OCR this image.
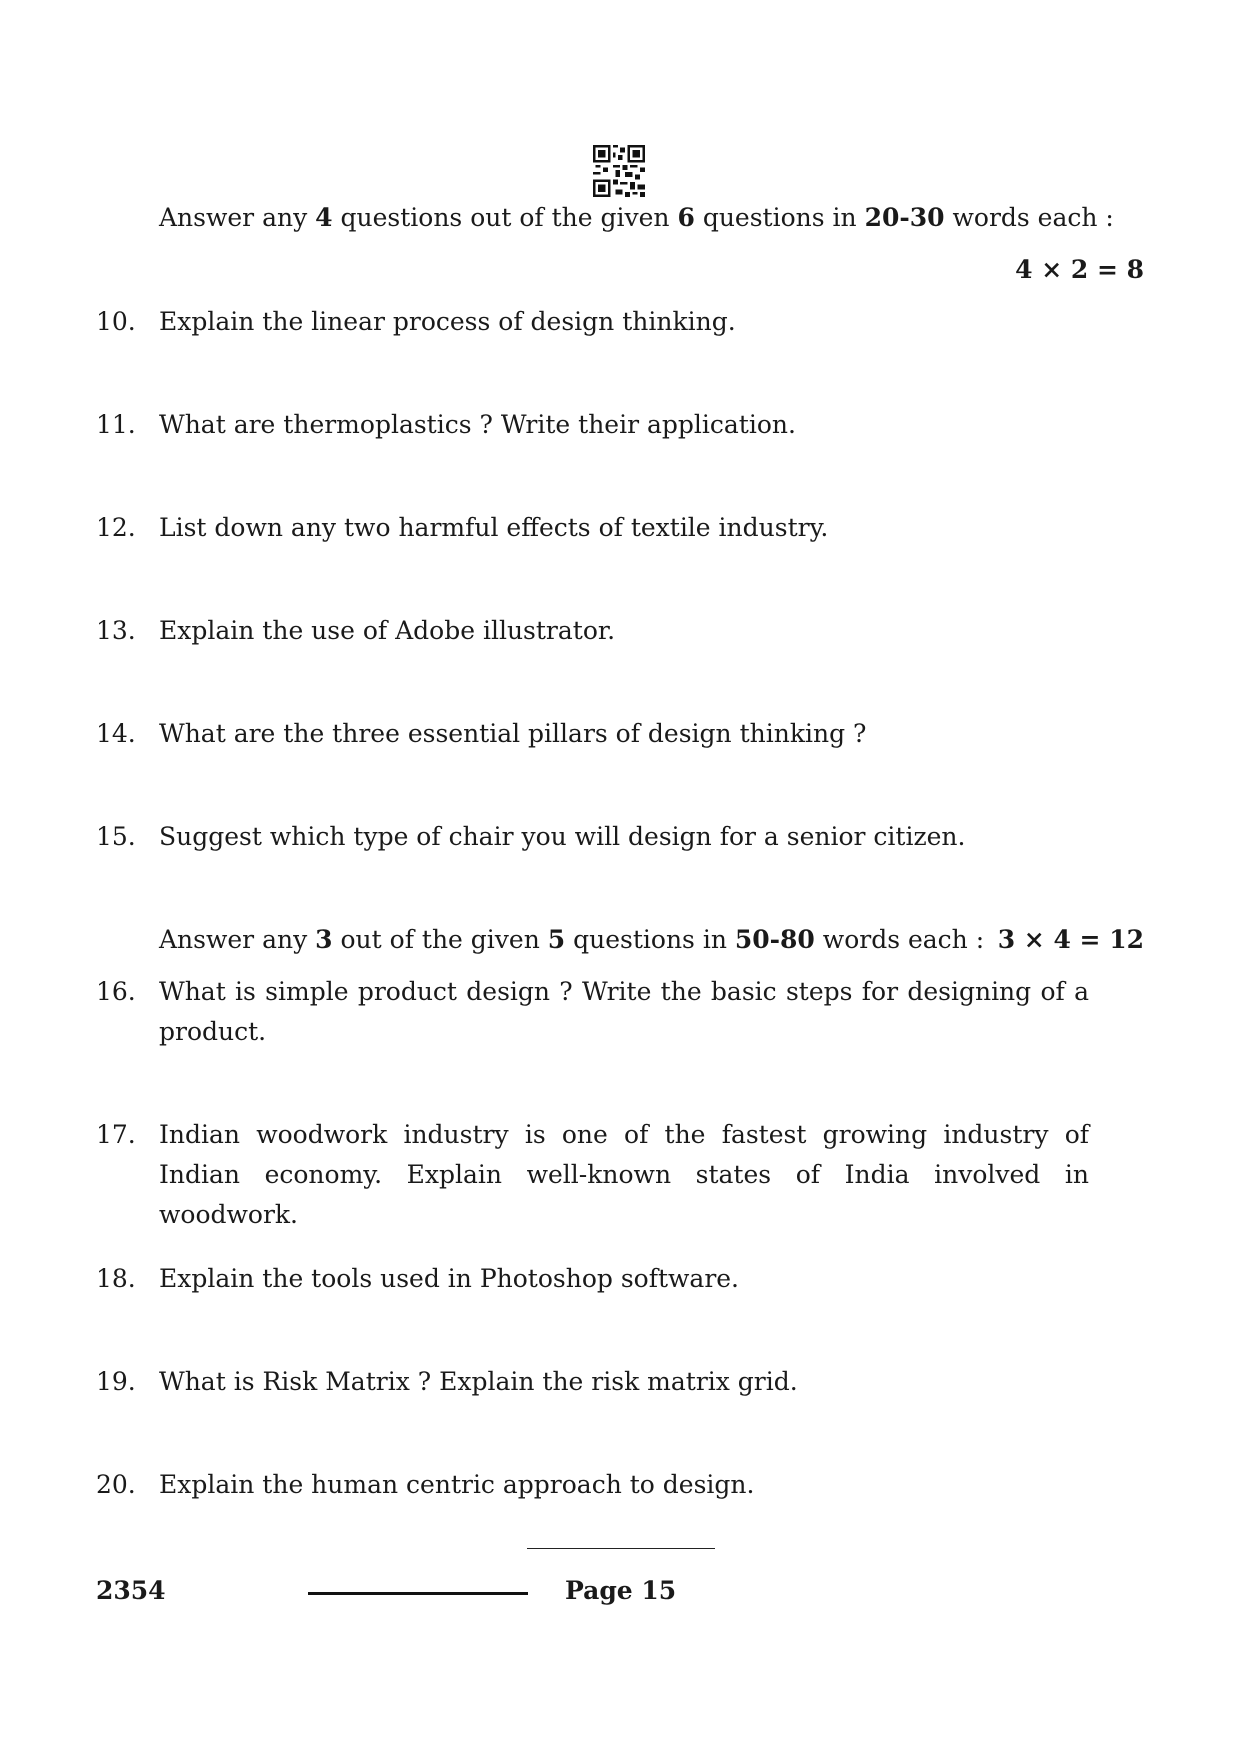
Answer any 4 questions out of the given 6 questions in 20-30 words each :
4 × 2 = 8
10. Explain the linear process of design thinking.
11. What are thermoplastics ? Write their application.
12. List down any two harmful effects of textile industry.
13. Explain the use of Adobe illustrator.
14. What are the three essential pillars of design thinking ?
15. Suggest which type of chair you will design for a senior citizen.
Answer any 3 out of the given 5 questions in 50-80 words each : 3 × 4 = 12
16. What is simple product design ? Write the basic steps for designing of a product.
17. Indian woodwork industry is one of the fastest growing industry of Indian economy. Explain well-known states of India involved in woodwork.
18. Explain the tools used in Photoshop software.
19. What is Risk Matrix ? Explain the risk matrix grid.
20. Explain the human centric approach to design.
2354	Page 15
